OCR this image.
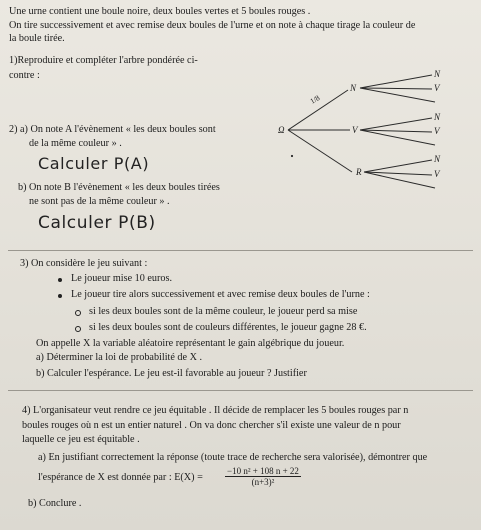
Une urne contient une boule noire, deux boules vertes et 5 boules rouges .
On tire successivement et avec remise deux boules de l'urne et on note à chaque tirage la couleur de
la boule tirée.
1)Reproduire et compléter l'arbre pondérée ci-
contre :
2) a) On note A l'évènement « les deux boules sont
de la même couleur » .
Calculer P(A)
b) On note B l'évènement « les deux boules tirées
ne sont pas de la même couleur » .
Calculer P(B)
Ω
N
V
R
N
V
N
V
N
V
1/8
3) On considère le jeu suivant :
Le joueur mise 10 euros.
Le joueur tire alors successivement et avec remise deux boules de l'urne :
si les deux boules sont de la même couleur, le joueur perd sa mise
si les deux boules sont de couleurs différentes, le joueur gagne 28 €.
On appelle X la variable aléatoire représentant le gain algébrique du joueur.
a) Déterminer la loi de probabilité de X .
b) Calculer l'espérance. Le jeu est-il favorable au joueur ? Justifier
4) L'organisateur veut rendre ce jeu équitable . Il décide de remplacer les 5 boules rouges par n
boules rouges où n est un entier naturel . On va donc chercher s'il existe une valeur de n pour
laquelle ce jeu est équitable .
a) En justifiant correctement la réponse (toute trace de recherche sera valorisée), démontrer que
l'espérance de X est donnée par : $E(X) = \frac{\text{−10 n² + 108 n + 22}}{\text{(n+3)²}}$
b) Conclure .
